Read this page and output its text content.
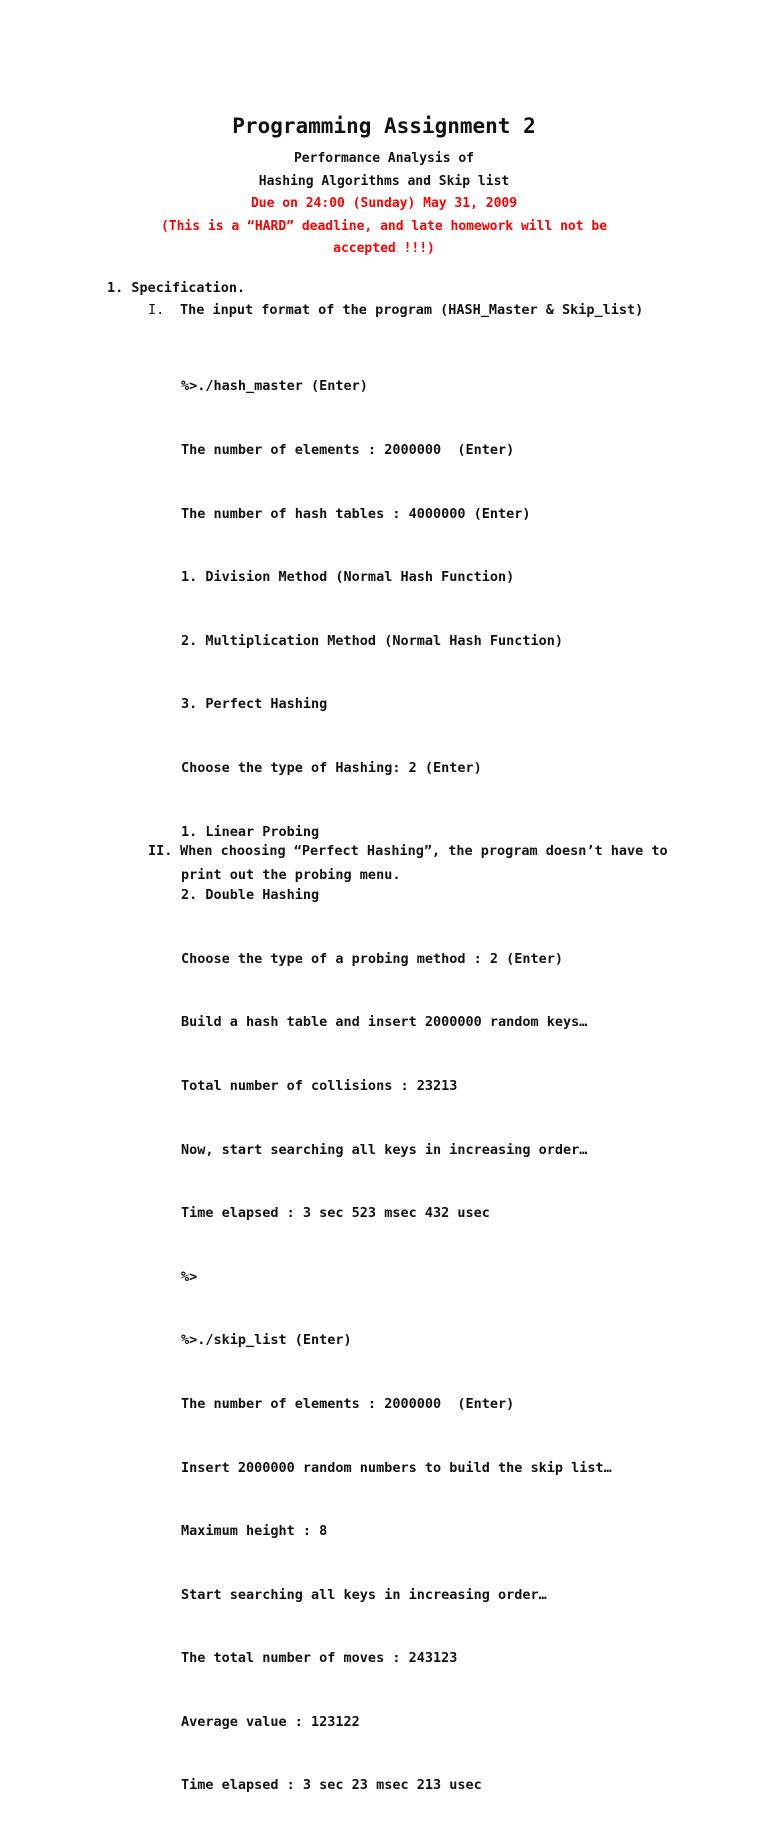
Programming Assignment 2
Performance Analysis of
Hashing Algorithms and Skip list
Due on 24:00 (Sunday) May 31, 2009
(This is a “HARD” deadline, and late homework will not be
accepted !!!)
1. Specification.
I. The input format of the program (HASH_Master & Skip_list)

%>./hash_master (Enter)

The number of elements : 2000000  (Enter)

The number of hash tables : 4000000 (Enter)

1. Division Method (Normal Hash Function)

2. Multiplication Method (Normal Hash Function)

3. Perfect Hashing

Choose the type of Hashing: 2 (Enter)

1. Linear Probing

2. Double Hashing

Choose the type of a probing method : 2 (Enter)

Build a hash table and insert 2000000 random keys…

Total number of collisions : 23213

Now, start searching all keys in increasing order…

Time elapsed : 3 sec 523 msec 432 usec

%>

%>./skip_list (Enter)

The number of elements : 2000000  (Enter)

Insert 2000000 random numbers to build the skip list…

Maximum height : 8

Start searching all keys in increasing order…

The total number of moves : 243123

Average value : 123122

Time elapsed : 3 sec 23 msec 213 usec

II. When choosing “Perfect Hashing”, the program doesn’t have to
print out the probing menu.
